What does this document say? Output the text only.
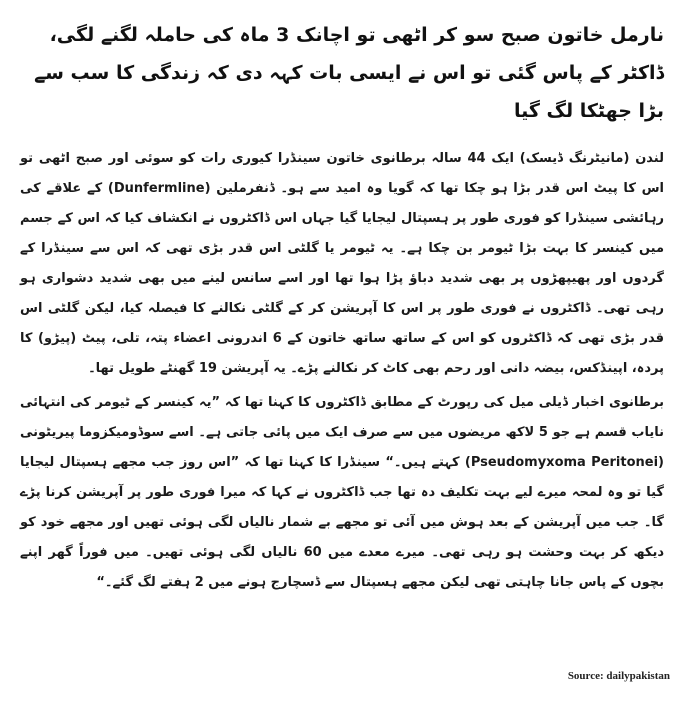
نارمل خاتون صبح سو کر اٹھی تو اچانک 3 ماہ کی حاملہ لگنے لگی، ڈاکٹر کے پاس گئی تو اس نے ایسی بات کہہ دی کہ زندگی کا سب سے بڑا جھٹکا لگ گیا

لندن (مانیٹرنگ ڈیسک) ایک 44 سالہ برطانوی خاتون سینڈرا کیوری رات کو سوئی اور صبح اٹھی تو اس کا پیٹ اس قدر بڑا ہو چکا تھا کہ گویا وہ امید سے ہو۔ ڈنفرملین (Dunfermline) کے علاقے کی رہائشی سینڈرا کو فوری طور پر ہسپتال لیجایا گیا جہاں اس ڈاکٹروں نے انکشاف کیا کہ اس کے جسم میں کینسر کا بہت بڑا ٹیومر بن چکا ہے۔ یہ ٹیومر یا گلٹی اس قدر بڑی تھی کہ اس سے سینڈرا کے گردوں اور پھیپھڑوں پر بھی شدید دباؤ پڑا ہوا تھا اور اسے سانس لینے میں بھی شدید دشواری ہو رہی تھی۔ ڈاکٹروں نے فوری طور پر اس کا آپریشن کر کے گلٹی نکالنے کا فیصلہ کیا، لیکن گلٹی اس قدر بڑی تھی کہ ڈاکٹروں کو اس کے ساتھ ساتھ خاتون کے 6 اندرونی اعضاء پتہ، تلی، پیٹ (پیڑو) کا پردہ، اپینڈکس، بیضہ دانی اور رحم بھی کاٹ کر نکالنے پڑے۔ یہ آپریشن 19 گھنٹے طویل تھا۔

برطانوی اخبار ڈیلی میل کی رپورٹ کے مطابق ڈاکٹروں کا کہنا تھا کہ ”یہ کینسر کے ٹیومر کی انتہائی نایاب قسم ہے جو 5 لاکھ مریضوں میں سے صرف ایک میں پائی جاتی ہے۔ اسے سوڈومیکزوما پیریٹونی (Pseudomyxoma Peritonei) کہتے ہیں۔“ سینڈرا کا کہنا تھا کہ ”اس روز جب مجھے ہسپتال لیجایا گیا تو وہ لمحہ میرے لیے بہت تکلیف دہ تھا جب ڈاکٹروں نے کہا کہ میرا فوری طور پر آپریشن کرنا پڑے گا۔ جب میں آپریشن کے بعد ہوش میں آئی تو مجھے بے شمار نالیاں لگی ہوئی تھیں اور مجھے خود کو دیکھ کر بہت وحشت ہو رہی تھی۔ میرے معدے میں 60 نالیاں لگی ہوئی تھیں۔ میں فوراً گھر اپنے بچوں کے پاس جانا چاہتی تھی لیکن مجھے ہسپتال سے ڈسچارج ہونے میں 2 ہفتے لگ گئے۔“

Source: dailypakistan
